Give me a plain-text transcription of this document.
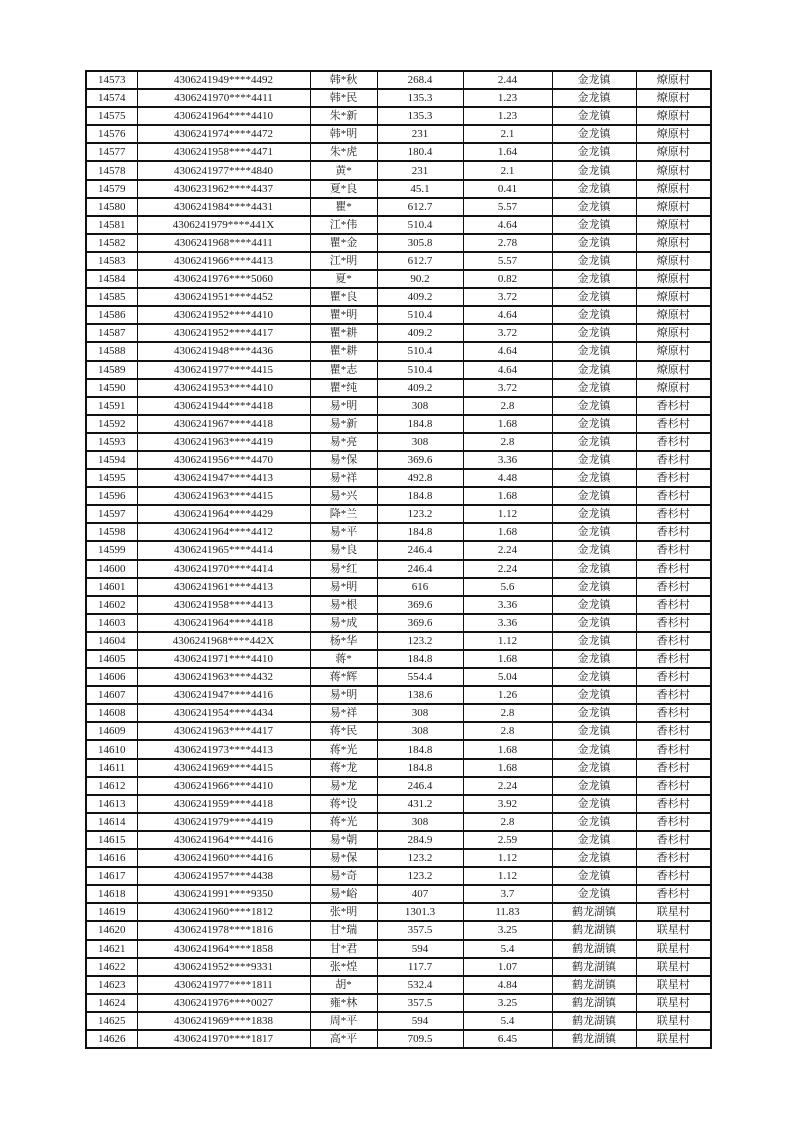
14573	4306241949****4492	韩*秋	268.4	2.44	金龙镇	燎原村
14574	4306241970****4411	韩*民	135.3	1.23	金龙镇	燎原村
14575	4306241964****4410	朱*新	135.3	1.23	金龙镇	燎原村
14576	4306241974****4472	韩*明	231	2.1	金龙镇	燎原村
14577	4306241958****4471	朱*虎	180.4	1.64	金龙镇	燎原村
14578	4306241977****4840	黄*	231	2.1	金龙镇	燎原村
14579	4306231962****4437	夏*良	45.1	0.41	金龙镇	燎原村
14580	4306241984****4431	瞿*	612.7	5.57	金龙镇	燎原村
14581	4306241979****441X	江*伟	510.4	4.64	金龙镇	燎原村
14582	4306241968****4411	瞿*金	305.8	2.78	金龙镇	燎原村
14583	4306241966****4413	江*明	612.7	5.57	金龙镇	燎原村
14584	4306241976****5060	夏*	90.2	0.82	金龙镇	燎原村
14585	4306241951****4452	瞿*良	409.2	3.72	金龙镇	燎原村
14586	4306241952****4410	瞿*明	510.4	4.64	金龙镇	燎原村
14587	4306241952****4417	瞿*耕	409.2	3.72	金龙镇	燎原村
14588	4306241948****4436	瞿*耕	510.4	4.64	金龙镇	燎原村
14589	4306241977****4415	瞿*志	510.4	4.64	金龙镇	燎原村
14590	4306241953****4410	瞿*纯	409.2	3.72	金龙镇	燎原村
14591	4306241944****4418	易*明	308	2.8	金龙镇	香杉村
14592	4306241967****4418	易*新	184.8	1.68	金龙镇	香杉村
14593	4306241963****4419	易*亮	308	2.8	金龙镇	香杉村
14594	4306241956****4470	易*保	369.6	3.36	金龙镇	香杉村
14595	4306241947****4413	易*祥	492.8	4.48	金龙镇	香杉村
14596	4306241963****4415	易*兴	184.8	1.68	金龙镇	香杉村
14597	4306241964****4429	降*兰	123.2	1.12	金龙镇	香杉村
14598	4306241964****4412	易*平	184.8	1.68	金龙镇	香杉村
14599	4306241965****4414	易*良	246.4	2.24	金龙镇	香杉村
14600	4306241970****4414	易*红	246.4	2.24	金龙镇	香杉村
14601	4306241961****4413	易*明	616	5.6	金龙镇	香杉村
14602	4306241958****4413	易*根	369.6	3.36	金龙镇	香杉村
14603	4306241964****4418	易*成	369.6	3.36	金龙镇	香杉村
14604	4306241968****442X	杨*华	123.2	1.12	金龙镇	香杉村
14605	4306241971****4410	蒋*	184.8	1.68	金龙镇	香杉村
14606	4306241963****4432	蒋*辉	554.4	5.04	金龙镇	香杉村
14607	4306241947****4416	易*明	138.6	1.26	金龙镇	香杉村
14608	4306241954****4434	易*祥	308	2.8	金龙镇	香杉村
14609	4306241963****4417	蒋*民	308	2.8	金龙镇	香杉村
14610	4306241973****4413	蒋*光	184.8	1.68	金龙镇	香杉村
14611	4306241969****4415	蒋*龙	184.8	1.68	金龙镇	香杉村
14612	4306241966****4410	易*龙	246.4	2.24	金龙镇	香杉村
14613	4306241959****4418	蒋*设	431.2	3.92	金龙镇	香杉村
14614	4306241979****4419	蒋*光	308	2.8	金龙镇	香杉村
14615	4306241964****4416	易*朝	284.9	2.59	金龙镇	香杉村
14616	4306241960****4416	易*保	123.2	1.12	金龙镇	香杉村
14617	4306241957****4438	易*奇	123.2	1.12	金龙镇	香杉村
14618	4306241991****9350	易*峪	407	3.7	金龙镇	香杉村
14619	4306241960****1812	张*明	1301.3	11.83	鹤龙湖镇	联星村
14620	4306241978****1816	甘*瑞	357.5	3.25	鹤龙湖镇	联星村
14621	4306241964****1858	甘*君	594	5.4	鹤龙湖镇	联星村
14622	4306241952****9331	张*煌	117.7	1.07	鹤龙湖镇	联星村
14623	4306241977****1811	胡*	532.4	4.84	鹤龙湖镇	联星村
14624	4306241976****0027	雍*林	357.5	3.25	鹤龙湖镇	联星村
14625	4306241969****1838	周*平	594	5.4	鹤龙湖镇	联星村
14626	4306241970****1817	高*平	709.5	6.45	鹤龙湖镇	联星村
